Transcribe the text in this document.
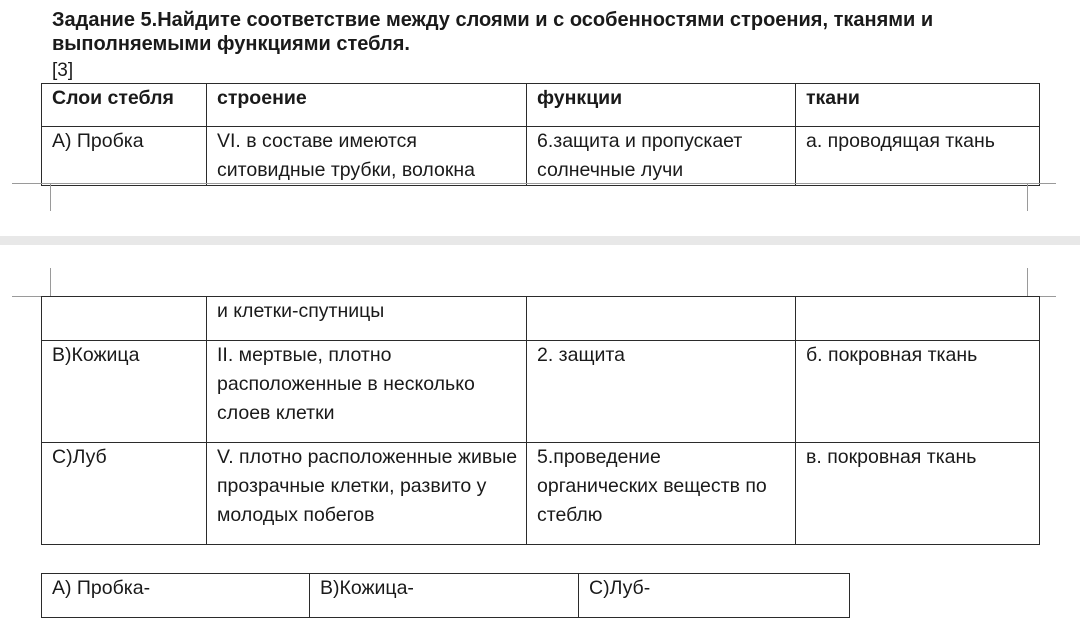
Задание 5.Найдите соответствие между слоями и с особенностями строения, тканями и выполняемыми функциями стебля.
[3]
Слои стебля	строение	функции	ткани
А) Пробка	VI. в составе имеются ситовидные трубки, волокна	6.защита и пропускает солнечные лучи	а. проводящая ткань
	и клетки-спутницы		
В)Кожица	II. мертвые, плотно расположенные в несколько слоев клетки	2. защита	б. покровная ткань
С)Луб	V. плотно расположенные живые прозрачные клетки, развито у молодых побегов	5.проведение органических веществ по стеблю	в. покровная ткань
А) Пробка-	В)Кожица-	С)Луб-
